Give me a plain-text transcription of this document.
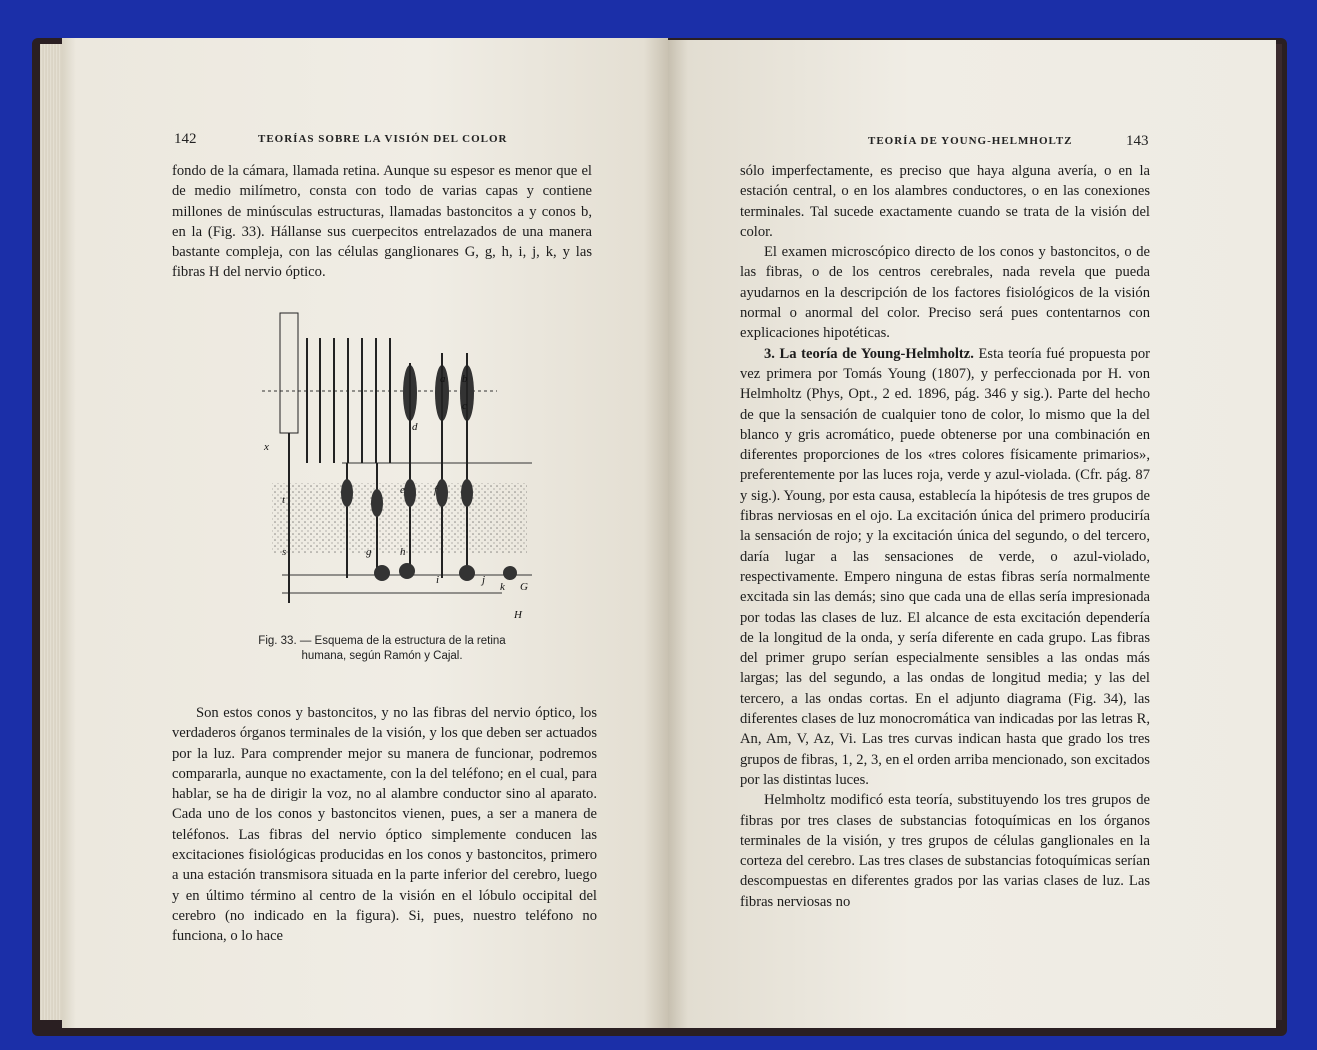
142	TEORÍAS SOBRE LA VISIÓN DEL COLOR

fondo de la cámara, llamada retina. Aunque su espesor es menor que el de medio milímetro, consta con todo de varias capas y contiene millones de minúsculas estructuras, llamadas bastoncitos a y conos b, en la (Fig. 33). Hállanse sus cuerpecitos entrelazados de una manera bastante compleja, con las células ganglionares G, g, h, i, j, k, y las fibras H del nervio óptico.

a b
c
d
x
e	f
t
s	g	h
i	j
k G
H
Fig. 33. — Esquema de la estructura de la retina
humana, según Ramón y Cajal.

Son estos conos y bastoncitos, y no las fibras del nervio óptico, los verdaderos órganos terminales de la visión, y los que deben ser actuados por la luz. Para comprender mejor su manera de funcionar, podremos compararla, aunque no exactamente, con la del teléfono; en el cual, para hablar, se ha de dirigir la voz, no al alambre conductor sino al aparato. Cada uno de los conos y bastoncitos vienen, pues, a ser a manera de teléfonos. Las fibras del nervio óptico simplemente conducen las excitaciones fisiológicas producidas en los conos y bastoncitos, primero a una estación transmisora situada en la parte inferior del cerebro, luego y en último término al centro de la visión en el lóbulo occipital del cerebro (no indicado en la figura). Si, pues, nuestro teléfono no funciona, o lo hace

TEORÍA DE YOUNG-HELMHOLTZ	143

sólo imperfectamente, es preciso que haya alguna avería, o en la estación central, o en los alambres conductores, o en las conexiones terminales. Tal sucede exactamente cuando se trata de la visión del color.

El examen microscópico directo de los conos y bastoncitos, o de las fibras, o de los centros cerebrales, nada revela que pueda ayudarnos en la descripción de los factores fisiológicos de la visión normal o anormal del color. Preciso será pues contentarnos con explicaciones hipotéticas.

3. La teoría de Young-Helmholtz. Esta teoría fué propuesta por vez primera por Tomás Young (1807), y perfeccionada por H. von Helmholtz (Phys, Opt., 2 ed. 1896, pág. 346 y sig.). Parte del hecho de que la sensación de cualquier tono de color, lo mismo que la del blanco y gris acromático, puede obtenerse por una combinación en diferentes proporciones de los «tres colores físicamente primarios», preferentemente por las luces roja, verde y azul-violada. (Cfr. pág. 87 y sig.). Young, por esta causa, establecía la hipótesis de tres grupos de fibras nerviosas en el ojo. La excitación única del primero produciría la sensación de rojo; y la excitación única del segundo, o del tercero, daría lugar a las sensaciones de verde, o azul-violado, respectivamente. Empero ninguna de estas fibras sería normalmente excitada sin las demás; sino que cada una de ellas sería impresionada por todas las clases de luz. El alcance de esta excitación dependería de la longitud de la onda, y sería diferente en cada grupo. Las fibras del primer grupo serían especialmente sensibles a las ondas más largas; las del segundo, a las ondas de longitud media; y las del tercero, a las ondas cortas. En el adjunto diagrama (Fig. 34), las diferentes clases de luz monocromática van indicadas por las letras R, An, Am, V, Az, Vi. Las tres curvas indican hasta que grado los tres grupos de fibras, 1, 2, 3, en el orden arriba mencionado, son excitados por las distintas luces.

Helmholtz modificó esta teoría, substituyendo los tres grupos de fibras por tres clases de substancias fotoquímicas en los órganos terminales de la visión, y tres grupos de células ganglionales en la corteza del cerebro. Las tres clases de substancias fotoquímicas serían descompuestas en diferentes grados por las varias clases de luz. Las fibras nerviosas no
